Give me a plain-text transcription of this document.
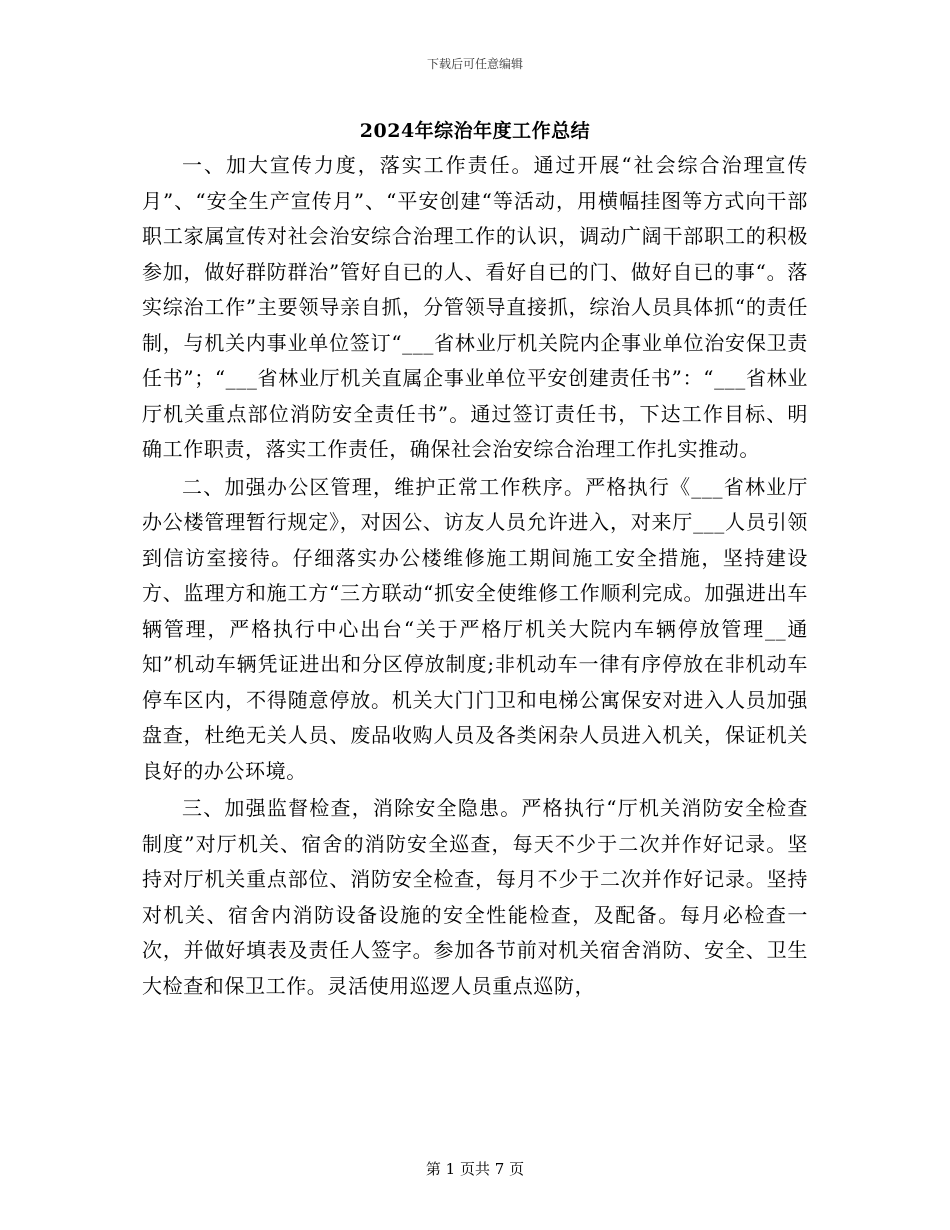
下载后可任意编辑
2024年综治年度工作总结

一、加大宣传力度，落实工作责任。通过开展“社会综合治理宣传月”、“安全生产宣传月”、“平安创建“等活动，用横幅挂图等方式向干部职工家属宣传对社会治安综合治理工作的认识，调动广阔干部职工的积极参加，做好群防群治”管好自已的人、看好自已的门、做好自已的事“。落实综治工作”主要领导亲自抓，分管领导直接抓，综治人员具体抓“的责任制，与机关内事业单位签订“___省林业厅机关院内企事业单位治安保卫责任书”；“___省林业厅机关直属企事业单位平安创建责任书”：“___省林业厅机关重点部位消防安全责任书”。通过签订责任书，下达工作目标、明确工作职责，落实工作责任，确保社会治安综合治理工作扎实推动。

二、加强办公区管理，维护正常工作秩序。严格执行《___省林业厅办公楼管理暂行规定》，对因公、访友人员允许进入，对来厅___人员引领到信访室接待。仔细落实办公楼维修施工期间施工安全措施，坚持建设方、监理方和施工方“三方联动“抓安全使维修工作顺利完成。加强进出车辆管理，严格执行中心出台“关于严格厅机关大院内车辆停放管理__通知”机动车辆凭证进出和分区停放制度;非机动车一律有序停放在非机动车停车区内，不得随意停放。机关大门门卫和电梯公寓保安对进入人员加强盘查，杜绝无关人员、废品收购人员及各类闲杂人员进入机关，保证机关良好的办公环境。

三、加强监督检查，消除安全隐患。严格执行“厅机关消防安全检查制度”对厅机关、宿舍的消防安全巡查，每天不少于二次并作好记录。坚持对厅机关重点部位、消防安全检查，每月不少于二次并作好记录。坚持对机关、宿舍内消防设备设施的安全性能检查，及配备。每月必检查一次，并做好填表及责任人签字。参加各节前对机关宿舍消防、安全、卫生大检查和保卫工作。灵活使用巡逻人员重点巡防，

第 1 页共 7 页
